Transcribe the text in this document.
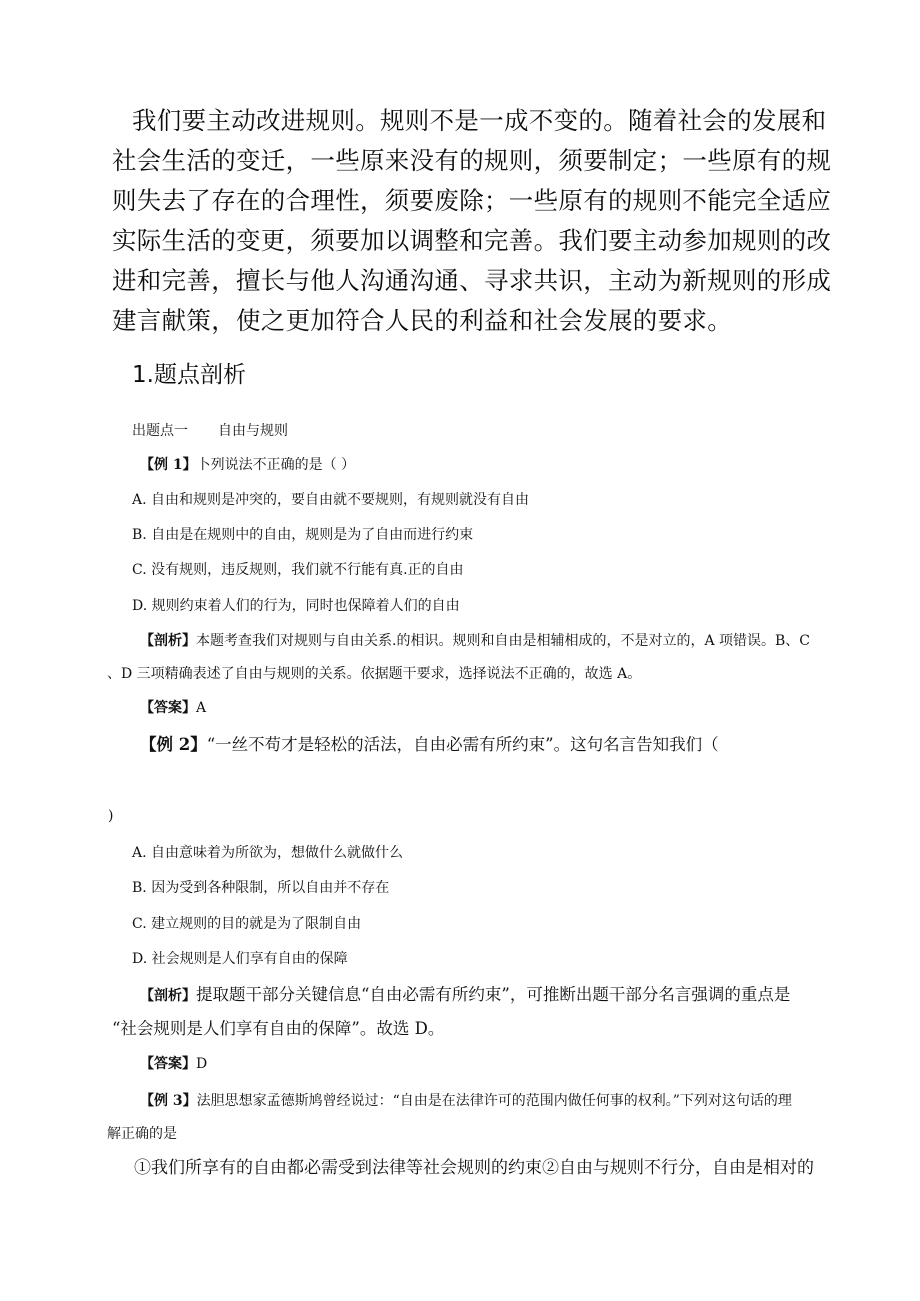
我们要主动改进规则。规则不是一成不变的。随着社会的发展和社会生活的变迁，一些原来没有的规则，须要制定；一些原有的规则失去了存在的合理性，须要废除；一些原有的规则不能完全适应实际生活的变更，须要加以调整和完善。我们要主动参加规则的改进和完善，擅长与他人沟通沟通、寻求共识，主动为新规则的形成建言献策，使之更加符合人民的利益和社会发展的要求。
1.题点剖析
出题点一 自由与规则
【例 1】卜列说法不正确的是（ ）
A. 自由和规则是冲突的，要自由就不要规则，有规则就没有自由
B. 自由是在规则中的自由，规则是为了自由而进行约束
C. 没有规则，违反规则，我们就不行能有真.正的自由
D. 规则约束着人们的行为，同时也保障着人们的自由
【剖析】本题考查我们对规则与自由关系.的相识。规则和自由是相辅相成的，不是对立的，A 项错误。B、C
、D 三项精确表述了自由与规则的关系。依据题干要求，选择说法不正确的，故选 A。
【答案】A
【例 2】“一丝不苟才是轻松的活法，自由必需有所约束”。这句名言告知我们（
)
A. 自由意味着为所欲为，想做什么就做什么
B. 因为受到各种限制，所以自由并不存在
C. 建立规则的目的就是为了限制自由
D. 社会规则是人们享有自由的保障
【剖析】提取题干部分关键信息“自由必需有所约束”，可推断出题干部分名言强调的重点是
“社会规则是人们享有自由的保障”。故选 D。
【答案】D
【例 3】法胆思想家孟德斯鸠曾经说过：“自由是在法律许可的范围内做任何事的权利。”下列对这句话的理
解正确的是
①我们所享有的自由都必需受到法律等社会规则的约束②自由与规则不行分，自由是相对的
